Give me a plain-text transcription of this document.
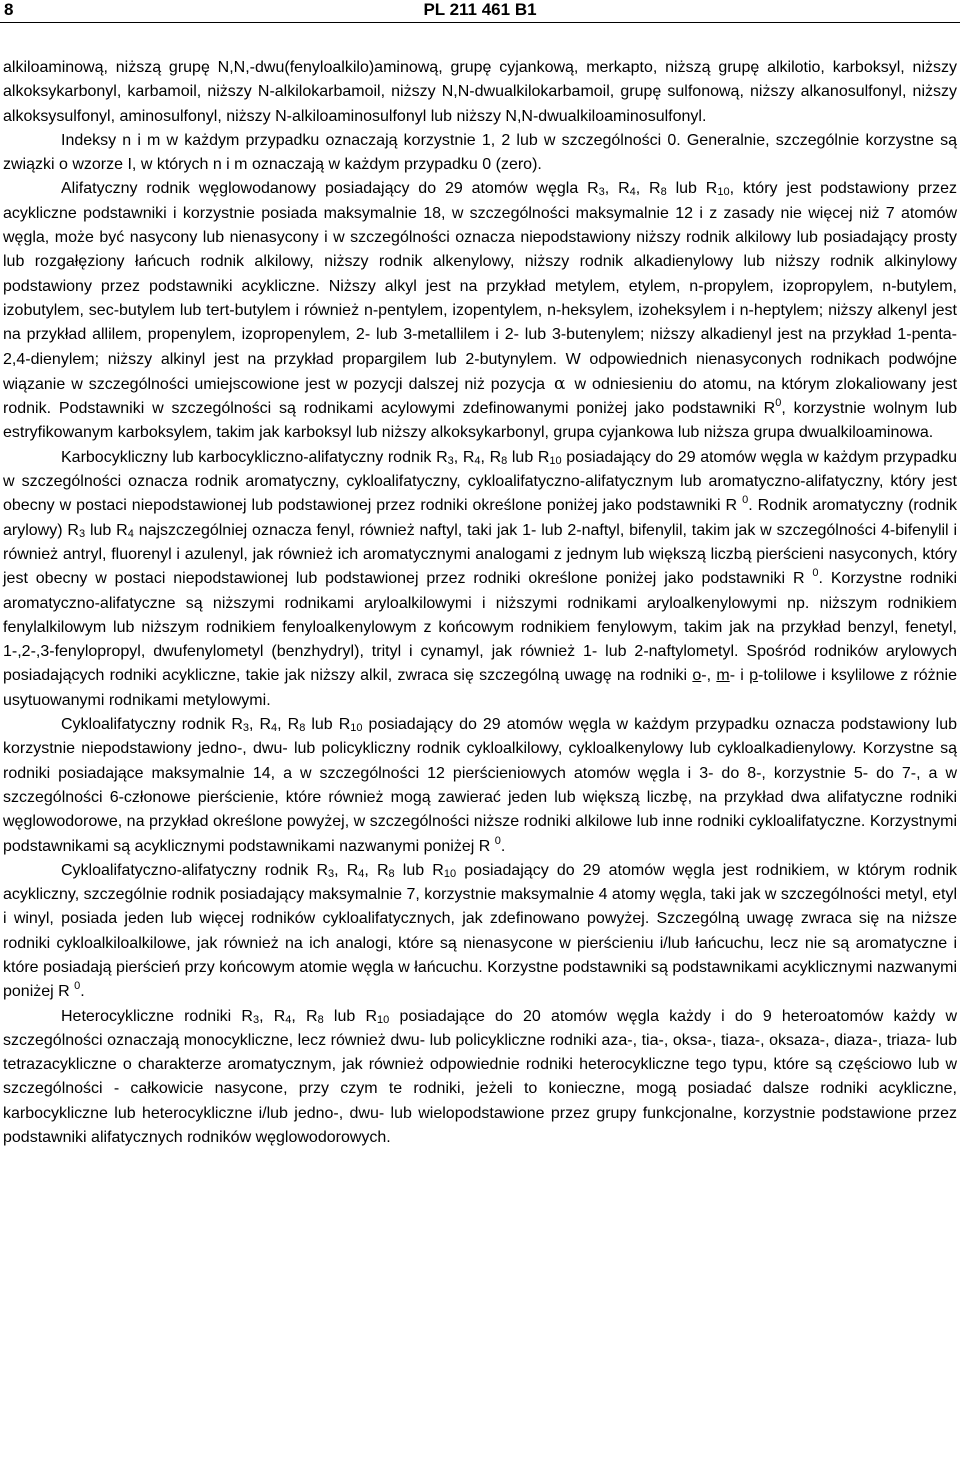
8	PL 211 461 B1

alkiloaminową, niższą grupę N,N,-dwu(fenyloalkilo)aminową, grupę cyjankową, merkapto, niższą grupę alkilotio, karboksyl, niższy alkoksykarbonyl, karbamoil, niższy N-alkilokarbamoil, niższy N,N-dwualkilokarbamoil, grupę sulfonową, niższy alkanosulfonyl, niższy alkoksysulfonyl, aminosulfonyl, niższy N-alkiloaminosulfonyl lub niższy N,N-dwualkiloaminosulfonyl.

Indeksy n i m w każdym przypadku oznaczają korzystnie 1, 2 lub w szczególności 0. Generalnie, szczególnie korzystne są związki o wzorze I, w których n i m oznaczają w każdym przypadku 0 (zero).

Alifatyczny rodnik węglowodanowy posiadający do 29 atomów węgla $R_3$, $R_4$, $R_8$ lub $R_{10}$, który jest podstawiony przez acykliczne podstawniki i korzystnie posiada maksymalnie 18, w szczególności maksymalnie 12 i z zasady nie więcej niż 7 atomów węgla, może być nasycony lub nienasycony i w szczególności oznacza niepodstawiony niższy rodnik alkilowy lub posiadający prosty lub rozgałęziony łańcuch rodnik alkilowy, niższy rodnik alkenylowy, niższy rodnik alkadienylowy lub niższy rodnik alkinylowy podstawiony przez podstawniki acykliczne. Niższy alkyl jest na przykład metylem, etylem, n-propylem, izopropylem, n-butylem, izobutylem, sec-butylem lub tert-butylem i również n-pentylem, izopentylem, n-heksylem, izoheksylem i n-heptylem; niższy alkenyl jest na przykład allilem, propenylem, izopropenylem, 2- lub 3-metallilem i 2- lub 3-butenylem; niższy alkadienyl jest na przykład 1-penta-2,4-dienylem; niższy alkinyl jest na przykład propargilem lub 2-butynylem. W odpowiednich nienasyconych rodnikach podwójne wiązanie w szczególności umiejscowione jest w pozycji dalszej niż pozycja α w odniesieniu do atomu, na którym zlokaliowany jest rodnik. Podstawniki w szczególności są rodnikami acylowymi zdefinowanymi poniżej jako podstawniki $R^0$, korzystnie wolnym lub estryfikowanym karboksylem, takim jak karboksyl lub niższy alkoksykarbonyl, grupa cyjankowa lub niższa grupa dwualkiloaminowa.

Karbocykliczny lub karbocykliczno-alifatyczny rodnik $R_3$, $R_4$, $R_8$ lub $R_{10}$ posiadający do 29 atomów węgla w każdym przypadku w szczególności oznacza rodnik aromatyczny, cykloalifatyczny, cykloalifatyczno-alifatycznym lub aromatyczno-alifatyczny, który jest obecny w postaci niepodstawionej lub podstawionej przez rodniki określone poniżej jako podstawniki R $^0$. Rodnik aromatyczny (rodnik arylowy) $R_3$ lub $R_4$ najszczególniej oznacza fenyl, również naftyl, taki jak 1- lub 2-naftyl, bifenylil, takim jak w szczególności 4-bifenylil i również antryl, fluorenyl i azulenyl, jak również ich aromatycznymi analogami z jednym lub większą liczbą pierścieni nasyconych, który jest obecny w postaci niepodstawionej lub podstawionej przez rodniki określone poniżej jako podstawniki R $^0$. Korzystne rodniki aromatyczno-alifatyczne są niższymi rodnikami aryloalkilowymi i niższymi rodnikami aryloalkenylowymi np. niższym rodnikiem fenylalkilowym lub niższym rodnikiem fenyloalkenylowym z końcowym rodnikiem fenylowym, takim jak na przykład benzyl, fenetyl, 1-,2-,3-fenylopropyl, dwufenylometyl (benzhydryl), trityl i cynamyl, jak również 1- lub 2-naftylometyl. Spośród rodników arylowych posiadających rodniki acykliczne, takie jak niższy alkil, zwraca się szczególną uwagę na rodniki o-, m- i p-tolilowe i ksylilowe z różnie usytuowanymi rodnikami metylowymi.

Cykloalifatyczny rodnik $R_3$, $R_4$, $R_8$ lub $R_{10}$ posiadający do 29 atomów węgla w każdym przypadku oznacza podstawiony lub korzystnie niepodstawiony jedno-, dwu- lub policykliczny rodnik cykloalkilowy, cykloalkenylowy lub cykloalkadienylowy. Korzystne są rodniki posiadające maksymalnie 14, a w szczególności 12 pierścieniowych atomów węgla i 3- do 8-, korzystnie 5- do 7-, a w szczególności 6-członowe pierścienie, które również mogą zawierać jeden lub większą liczbę, na przykład dwa alifatyczne rodniki węglowodorowe, na przykład określone powyżej, w szczególności niższe rodniki alkilowe lub inne rodniki cykloalifatyczne. Korzystnymi podstawnikami są acyklicznymi podstawnikami nazwanymi poniżej R $^0$.

Cykloalifatyczno-alifatyczny rodnik $R_3$, $R_4$, $R_8$ lub $R_{10}$ posiadający do 29 atomów węgla jest rodnikiem, w którym rodnik acykliczny, szczególnie rodnik posiadający maksymalnie 7, korzystnie maksymalnie 4 atomy węgla, taki jak w szczególności metyl, etyl i winyl, posiada jeden lub więcej rodników cykloalifatycznych, jak zdefinowano powyżej. Szczególną uwagę zwraca się na niższe rodniki cykloalkiloalkilowe, jak również na ich analogi, które są nienasycone w pierścieniu i/lub łańcuchu, lecz nie są aromatyczne i które posiadają pierścień przy końcowym atomie węgla w łańcuchu. Korzystne podstawniki są podstawnikami acyklicznymi nazwanymi poniżej R $^0$.

Heterocykliczne rodniki $R_3$, $R_4$, $R_8$ lub $R_{10}$ posiadające do 20 atomów węgla każdy i do 9 heteroatomów każdy w szczególności oznaczają monocykliczne, lecz również dwu- lub policykliczne rodniki aza-, tia-, oksa-, tiaza-, oksaza-, diaza-, triaza- lub tetrazacykliczne o charakterze aromatycznym, jak również odpowiednie rodniki heterocykliczne tego typu, które są częściowo lub w szczególności - całkowicie nasycone, przy czym te rodniki, jeżeli to konieczne, mogą posiadać dalsze rodniki acykliczne, karbocykliczne lub heterocykliczne i/lub jedno-, dwu- lub wielopodstawione przez grupy funkcjonalne, korzystnie podstawione przez podstawniki alifatycznych rodników węglowodorowych.
